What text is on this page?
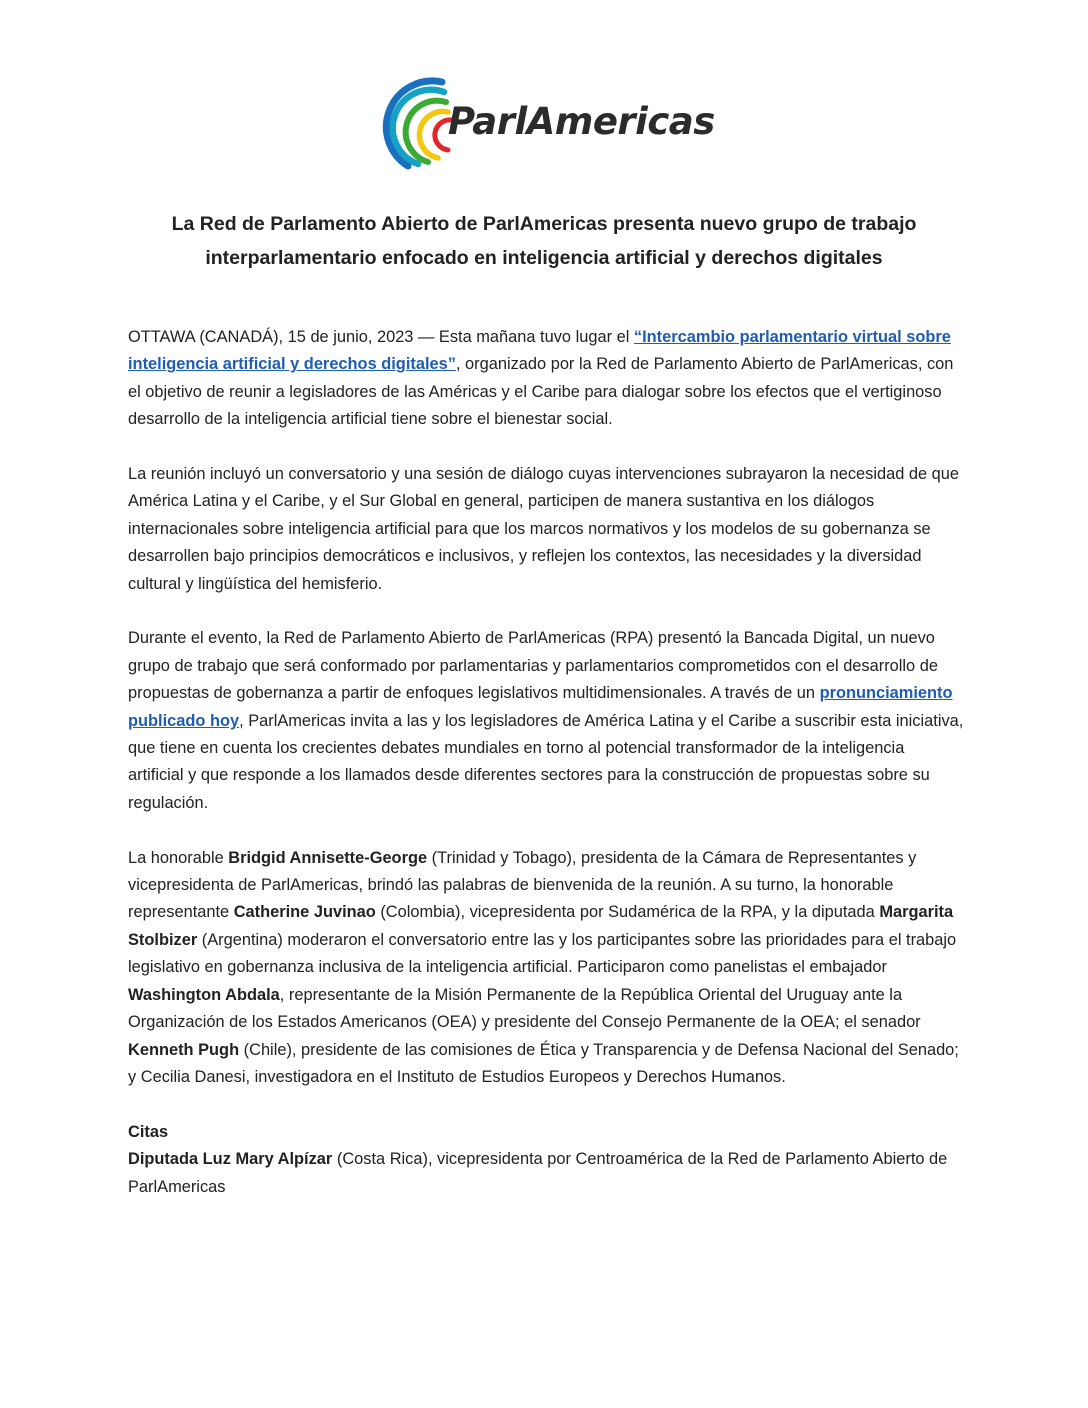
ParlAmericas
La Red de Parlamento Abierto de ParlAmericas presenta nuevo grupo de trabajo
interparlamentario enfocado en inteligencia artificial y derechos digitales

OTTAWA (CANADÁ), 15 de junio, 2023 — Esta mañana tuvo lugar el “Intercambio parlamentario virtual sobre inteligencia artificial y derechos digitales”, organizado por la Red de Parlamento Abierto de ParlAmericas, con el objetivo de reunir a legisladores de las Américas y el Caribe para dialogar sobre los efectos que el vertiginoso desarrollo de la inteligencia artificial tiene sobre el bienestar social.

La reunión incluyó un conversatorio y una sesión de diálogo cuyas intervenciones subrayaron la necesidad de que América Latina y el Caribe, y el Sur Global en general, participen de manera sustantiva en los diálogos internacionales sobre inteligencia artificial para que los marcos normativos y los modelos de su gobernanza se desarrollen bajo principios democráticos e inclusivos, y reflejen los contextos, las necesidades y la diversidad cultural y lingüística del hemisferio.

Durante el evento, la Red de Parlamento Abierto de ParlAmericas (RPA) presentó la Bancada Digital, un nuevo grupo de trabajo que será conformado por parlamentarias y parlamentarios comprometidos con el desarrollo de propuestas de gobernanza a partir de enfoques legislativos multidimensionales. A través de un pronunciamiento publicado hoy, ParlAmericas invita a las y los legisladores de América Latina y el Caribe a suscribir esta iniciativa, que tiene en cuenta los crecientes debates mundiales en torno al potencial transformador de la inteligencia artificial y que responde a los llamados desde diferentes sectores para la construcción de propuestas sobre su regulación.

La honorable Bridgid Annisette-George (Trinidad y Tobago), presidenta de la Cámara de Representantes y vicepresidenta de ParlAmericas, brindó las palabras de bienvenida de la reunión. A su turno, la honorable representante Catherine Juvinao (Colombia), vicepresidenta por Sudamérica de la RPA, y la diputada Margarita Stolbizer (Argentina) moderaron el conversatorio entre las y los participantes sobre las prioridades para el trabajo legislativo en gobernanza inclusiva de la inteligencia artificial. Participaron como panelistas el embajador Washington Abdala, representante de la Misión Permanente de la República Oriental del Uruguay ante la Organización de los Estados Americanos (OEA) y presidente del Consejo Permanente de la OEA; el senador Kenneth Pugh (Chile), presidente de las comisiones de Ética y Transparencia y de Defensa Nacional del Senado; y Cecilia Danesi, investigadora en el Instituto de Estudios Europeos y Derechos Humanos.

Citas

Diputada Luz Mary Alpízar (Costa Rica), vicepresidenta por Centroamérica de la Red de Parlamento Abierto de ParlAmericas
